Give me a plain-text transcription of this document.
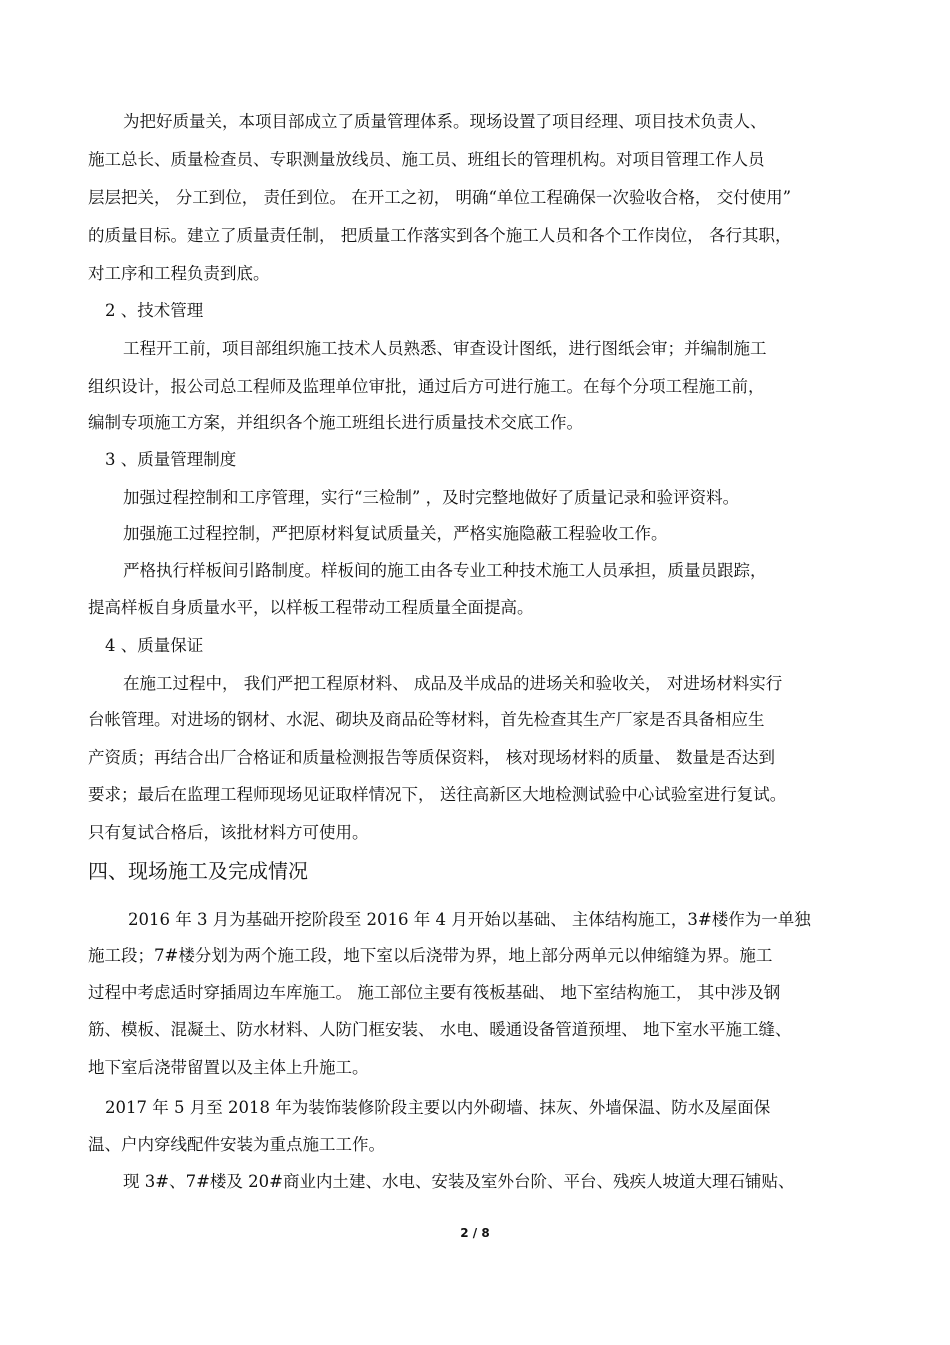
为把好质量关，本项目部成立了质量管理体系。现场设置了项目经理、项目技术负责人、
施工总长、质量检查员、专职测量放线员、施工员、班组长的管理机构。对项目管理工作人员
层层把关， 分工到位， 责任到位。 在开工之初， 明确“单位工程确保一次验收合格， 交付使用”
的质量目标。建立了质量责任制， 把质量工作落实到各个施工人员和各个工作岗位， 各行其职，
对工序和工程负责到底。
2 、技术管理
工程开工前，项目部组织施工技术人员熟悉、审查设计图纸，进行图纸会审；并编制施工
组织设计，报公司总工程师及监理单位审批，通过后方可进行施工。在每个分项工程施工前，
编制专项施工方案，并组织各个施工班组长进行质量技术交底工作。
3 、质量管理制度
加强过程控制和工序管理，实行“三检制” ，及时完整地做好了质量记录和验评资料。
加强施工过程控制，严把原材料复试质量关，严格实施隐蔽工程验收工作。
严格执行样板间引路制度。样板间的施工由各专业工种技术施工人员承担，质量员跟踪，
提高样板自身质量水平，以样板工程带动工程质量全面提高。
4 、质量保证
在施工过程中， 我们严把工程原材料、 成品及半成品的进场关和验收关， 对进场材料实行
台帐管理。对进场的钢材、水泥、砌块及商品砼等材料，首先检查其生产厂家是否具备相应生
产资质；再结合出厂合格证和质量检测报告等质保资料， 核对现场材料的质量、 数量是否达到
要求；最后在监理工程师现场见证取样情况下， 送往高新区大地检测试验中心试验室进行复试。
只有复试合格后，该批材料方可使用。
四、现场施工及完成情况
2016 年 3 月为基础开挖阶段至 2016 年 4 月开始以基础、 主体结构施工，3#楼作为一单独
施工段；7#楼分划为两个施工段，地下室以后浇带为界，地上部分两单元以伸缩缝为界。施工
过程中考虑适时穿插周边车库施工。 施工部位主要有筏板基础、 地下室结构施工， 其中涉及钢
筋、模板、混凝土、防水材料、人防门框安装、 水电、暖通设备管道预埋、 地下室水平施工缝、
地下室后浇带留置以及主体上升施工。
2017 年 5 月至 2018 年为装饰装修阶段主要以内外砌墙、抹灰、外墙保温、防水及屋面保
温、户内穿线配件安装为重点施工工作。
现 3#、7#楼及 20#商业内土建、水电、安装及室外台阶、平台、残疾人坡道大理石铺贴、
2 / 8
